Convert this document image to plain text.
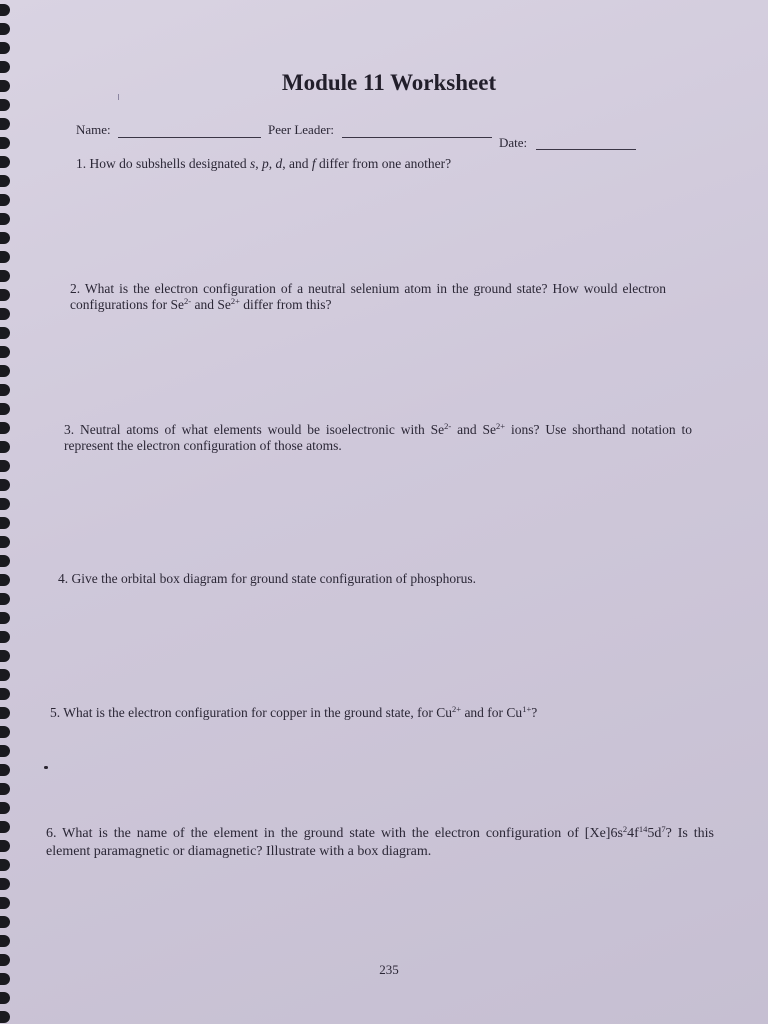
Module 11 Worksheet
Name:	Peer Leader:
Date:
1. How do subshells designated s, p, d, and f differ from one another?
2. What is the electron configuration of a neutral selenium atom in the ground state? How would electron configurations for $Se^{2-}$ and $Se^{2+}$ differ from this?
3. Neutral atoms of what elements would be isoelectronic with $Se^{2-}$ and $Se^{2+}$ ions? Use shorthand notation to represent the electron configuration of those atoms.
4. Give the orbital box diagram for ground state configuration of phosphorus.
5. What is the electron configuration for copper in the ground state, for $Cu^{2+}$ and for $Cu^{1+}$?
6. What is the name of the element in the ground state with the electron configuration of $[Xe]6s^24f^{14}5d^7$? Is this element paramagnetic or diamagnetic? Illustrate with a box diagram.
235
